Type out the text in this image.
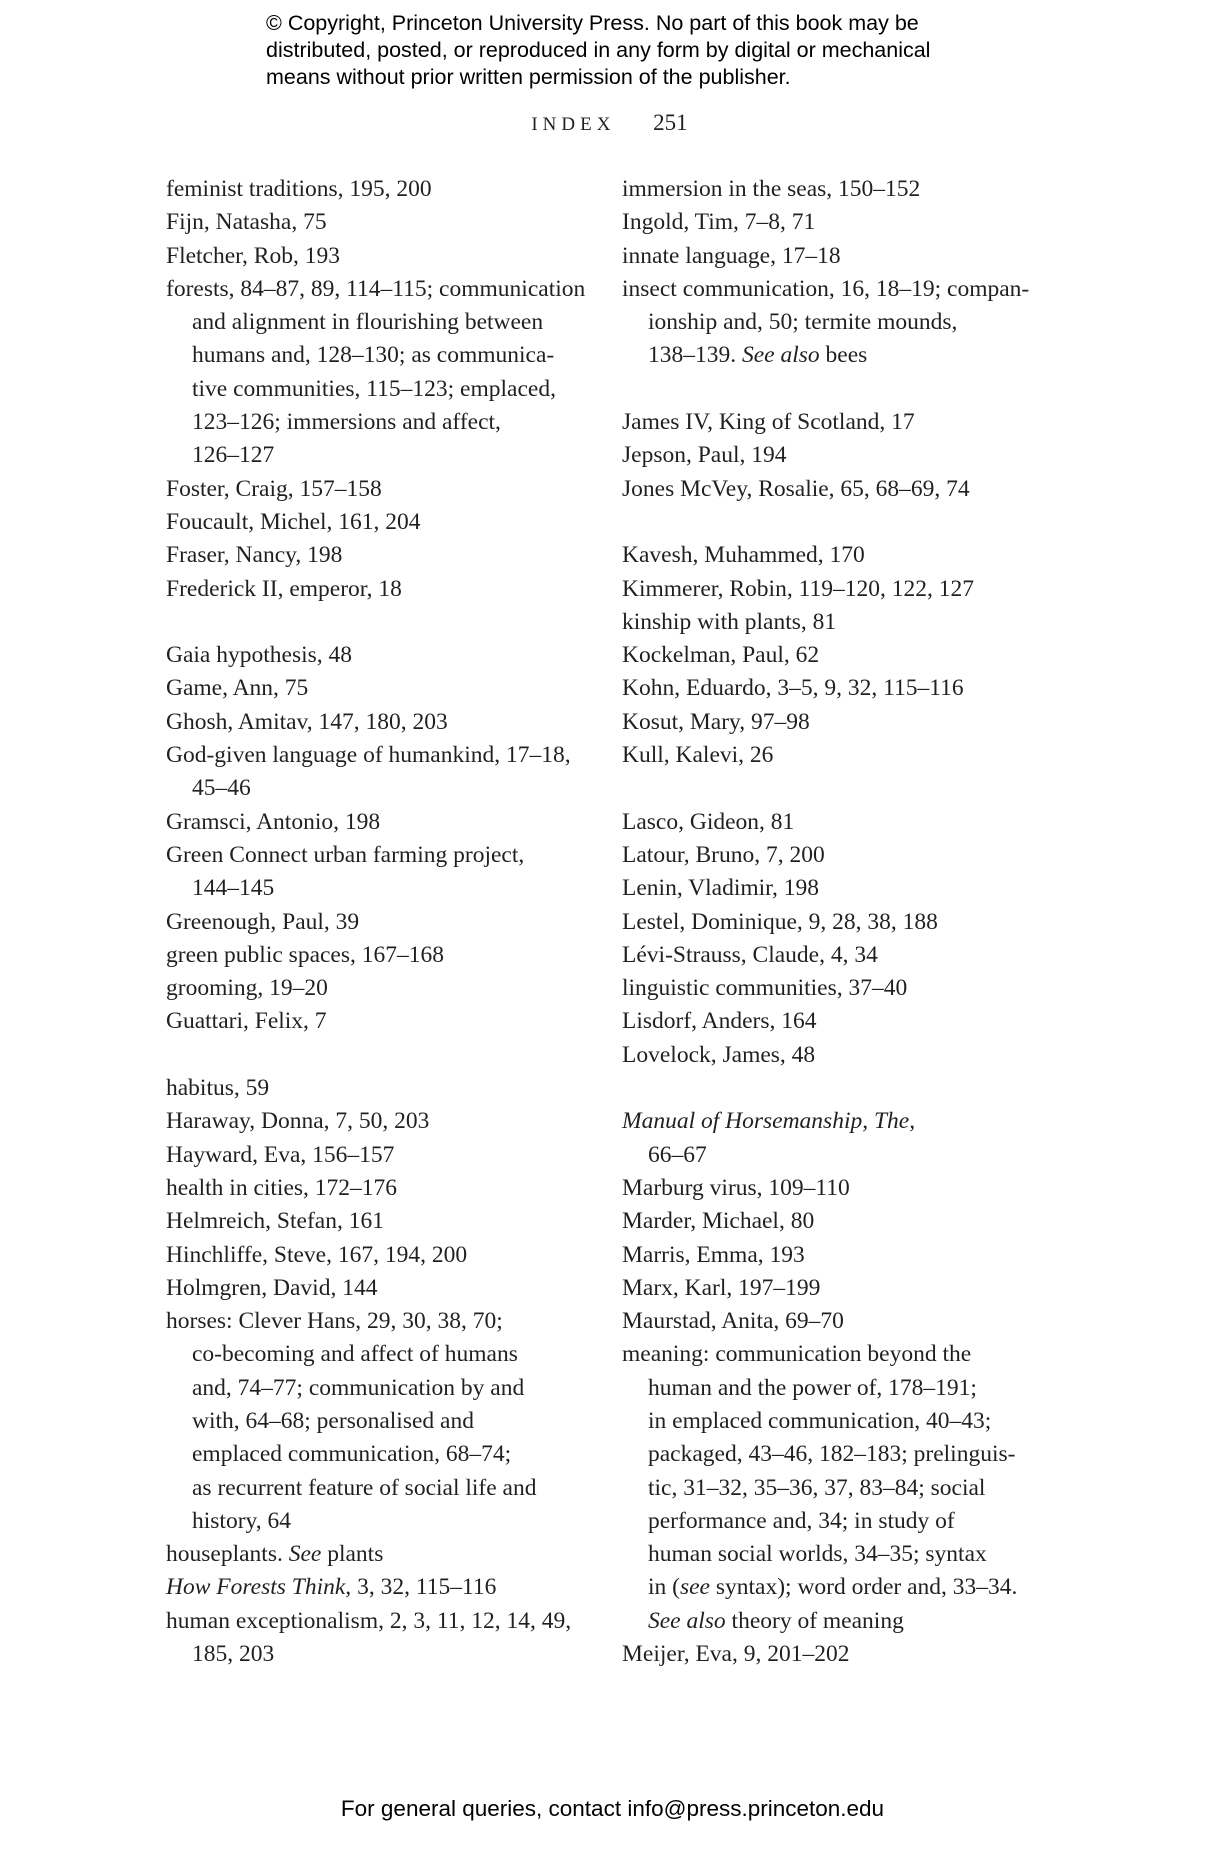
© Copyright, Princeton University Press. No part of this book may be
distributed, posted, or reproduced in any form by digital or mechanical
means without prior written permission of the publisher.
INDEX 251
feminist traditions, 195, 200
Fijn, Natasha, 75
Fletcher, Rob, 193
forests, 84–87, 89, 114–115; communication
and alignment in flourishing between
humans and, 128–130; as communica-
tive communities, 115–123; emplaced,
123–126; immersions and affect,
126–127
Foster, Craig, 157–158
Foucault, Michel, 161, 204
Fraser, Nancy, 198
Frederick II, emperor, 18
Gaia hypothesis, 48
Game, Ann, 75
Ghosh, Amitav, 147, 180, 203
God-given language of humankind, 17–18,
45–46
Gramsci, Antonio, 198
Green Connect urban farming project,
144–145
Greenough, Paul, 39
green public spaces, 167–168
grooming, 19–20
Guattari, Felix, 7
habitus, 59
Haraway, Donna, 7, 50, 203
Hayward, Eva, 156–157
health in cities, 172–176
Helmreich, Stefan, 161
Hinchliffe, Steve, 167, 194, 200
Holmgren, David, 144
horses: Clever Hans, 29, 30, 38, 70;
co-becoming and affect of humans
and, 74–77; communication by and
with, 64–68; personalised and
emplaced communication, 68–74;
as recurrent feature of social life and
history, 64
houseplants. See plants
How Forests Think, 3, 32, 115–116
human exceptionalism, 2, 3, 11, 12, 14, 49,
185, 203
immersion in the seas, 150–152
Ingold, Tim, 7–8, 71
innate language, 17–18
insect communication, 16, 18–19; compan-
ionship and, 50; termite mounds,
138–139. See also bees
James IV, King of Scotland, 17
Jepson, Paul, 194
Jones McVey, Rosalie, 65, 68–69, 74
Kavesh, Muhammed, 170
Kimmerer, Robin, 119–120, 122, 127
kinship with plants, 81
Kockelman, Paul, 62
Kohn, Eduardo, 3–5, 9, 32, 115–116
Kosut, Mary, 97–98
Kull, Kalevi, 26
Lasco, Gideon, 81
Latour, Bruno, 7, 200
Lenin, Vladimir, 198
Lestel, Dominique, 9, 28, 38, 188
Lévi-Strauss, Claude, 4, 34
linguistic communities, 37–40
Lisdorf, Anders, 164
Lovelock, James, 48
Manual of Horsemanship, The,
66–67
Marburg virus, 109–110
Marder, Michael, 80
Marris, Emma, 193
Marx, Karl, 197–199
Maurstad, Anita, 69–70
meaning: communication beyond the
human and the power of, 178–191;
in emplaced communication, 40–43;
packaged, 43–46, 182–183; prelinguis-
tic, 31–32, 35–36, 37, 83–84; social
performance and, 34; in study of
human social worlds, 34–35; syntax
in (see syntax); word order and, 33–34.
See also theory of meaning
Meijer, Eva, 9, 201–202
For general queries, contact info@press.princeton.edu
